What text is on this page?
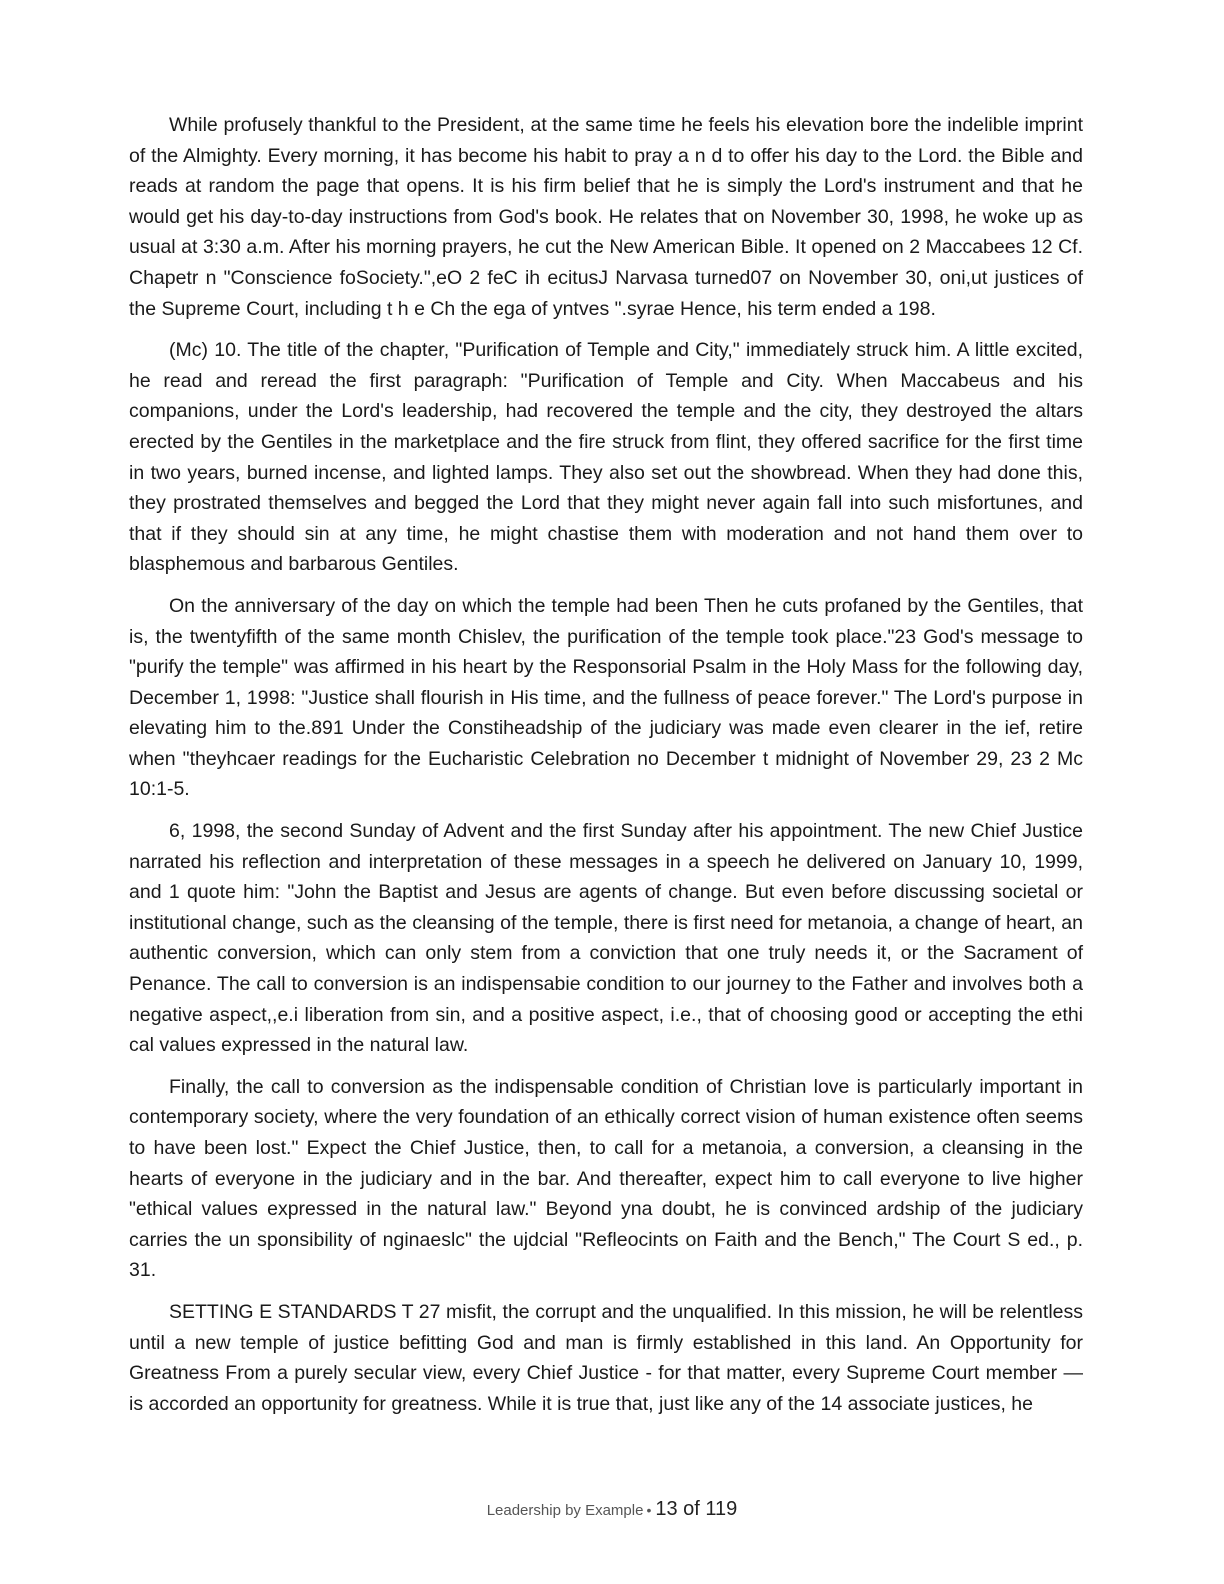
While profusely thankful to the President, at the same time he feels his elevation bore the indelible imprint of the Almighty. Every morning, it has become his habit to pray a n d to offer his day to the Lord. the Bible and reads at random the page that opens. It is his firm belief that he is simply the Lord's instrument and that he would get his day-to-day instructions from God's book. He relates that on November 30, 1998, he woke up as usual at 3:30 a.m. After his morning prayers, he cut the New American Bible. It opened on 2 Maccabees 12 Cf. Chapetr n "Conscience foSociety.",eO 2 feC ih ecitusJ Narvasa turned07 on November 30, oni,ut justices of the Supreme Court, including t h e Ch the ega of yntves ".syrae Hence, his term ended a 198.

(Mc) 10. The title of the chapter, "Purification of Temple and City," immediately struck him. A little excited, he read and reread the first paragraph: "Purification of Temple and City. When Maccabeus and his companions, under the Lord's leadership, had recovered the temple and the city, they destroyed the altars erected by the Gentiles in the marketplace and the fire struck from flint, they offered sacrifice for the first time in two years, burned incense, and lighted lamps. They also set out the showbread. When they had done this, they prostrated themselves and begged the Lord that they might never again fall into such misfortunes, and that if they should sin at any time, he might chastise them with moderation and not hand them over to blasphemous and barbarous Gentiles.

On the anniversary of the day on which the temple had been Then he cuts profaned by the Gentiles, that is, the twentyfifth of the same month Chislev, the purification of the temple took place."23 God's message to "purify the temple" was affirmed in his heart by the Responsorial Psalm in the Holy Mass for the following day, December 1, 1998: "Justice shall flourish in His time, and the fullness of peace forever." The Lord's purpose in elevating him to the.891 Under the Constiheadship of the judiciary was made even clearer in the ief, retire when "theyhcaer readings for the Eucharistic Celebration no December t midnight of November 29, 23 2 Mc 10:1-5.

6, 1998, the second Sunday of Advent and the first Sunday after his appointment. The new Chief Justice narrated his reflection and interpretation of these messages in a speech he delivered on January 10, 1999, and 1 quote him: "John the Baptist and Jesus are agents of change. But even before discussing societal or institutional change, such as the cleansing of the temple, there is first need for metanoia, a change of heart, an authentic conversion, which can only stem from a conviction that one truly needs it, or the Sacrament of Penance. The call to conversion is an indispensabie condition to our journey to the Father and involves both a negative aspect,,e.i liberation from sin, and a positive aspect, i.e., that of choosing good or accepting the ethi cal values expressed in the natural law.

Finally, the call to conversion as the indispensable condition of Christian love is particularly important in contemporary society, where the very foundation of an ethically correct vision of human existence often seems to have been lost." Expect the Chief Justice, then, to call for a metanoia, a conversion, a cleansing in the hearts of everyone in the judiciary and in the bar. And thereafter, expect him to call everyone to live higher "ethical values expressed in the natural law." Beyond yna doubt, he is convinced ardship of the judiciary carries the un sponsibility of nginaeslc" the ujdcial "Refleocints on Faith and the Bench," The Court S ed., p. 31.

SETTING E STANDARDS T 27 misfit, the corrupt and the unqualified. In this mission, he will be relentless until a new temple of justice befitting God and man is firmly established in this land. An Opportunity for Greatness From a purely secular view, every Chief Justice - for that matter, every Supreme Court member — is accorded an opportunity for greatness. While it is true that, just like any of the 14 associate justices, he

Leadership by Example • 13 of 119
